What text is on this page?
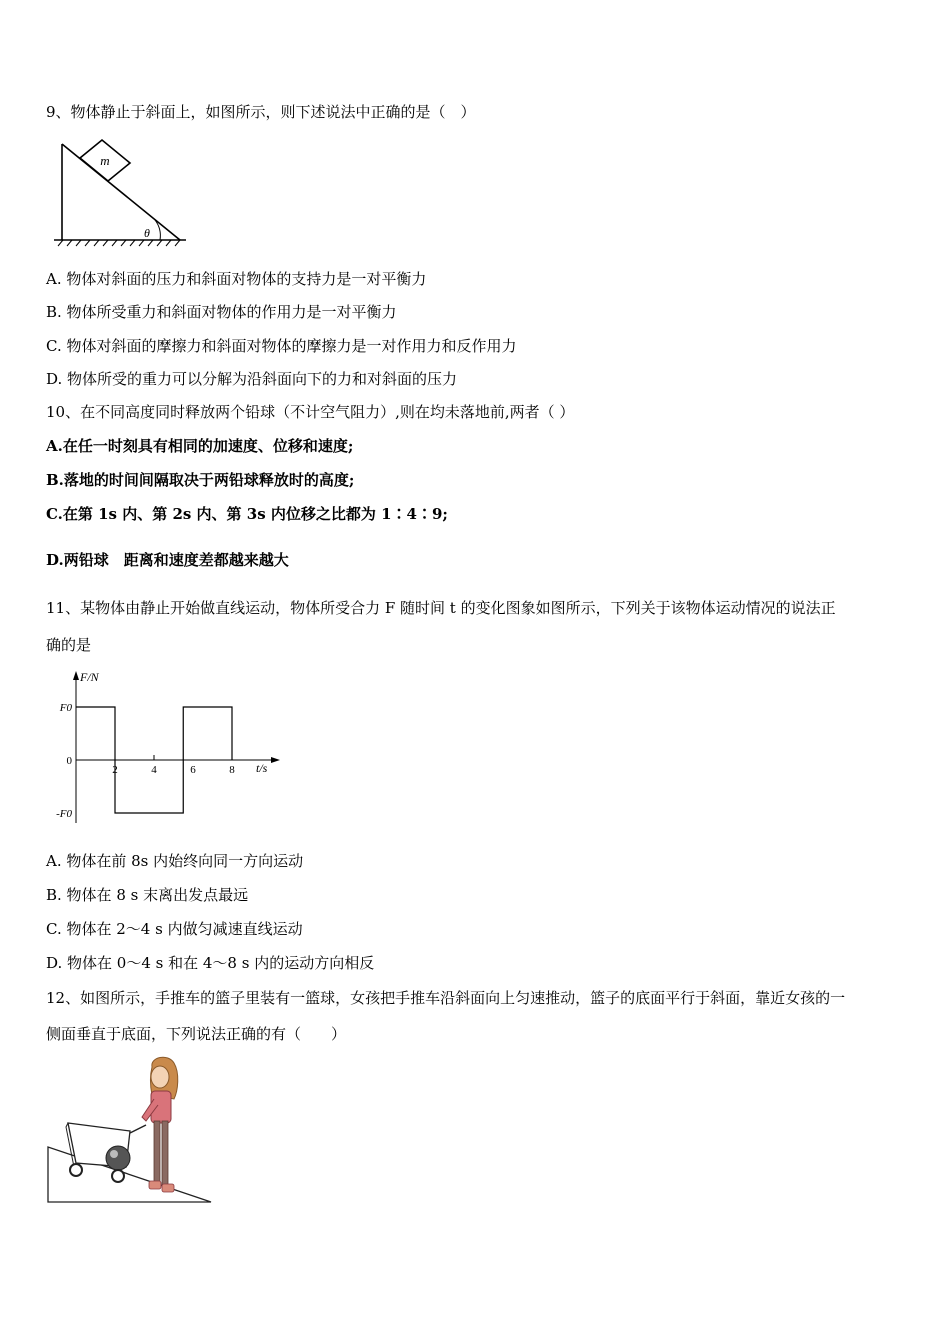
9、物体静止于斜面上，如图所示，则下述说法中正确的是（　）
m
θ
A. 物体对斜面的压力和斜面对物体的支持力是一对平衡力
B. 物体所受重力和斜面对物体的作用力是一对平衡力
C. 物体对斜面的摩擦力和斜面对物体的摩擦力是一对作用力和反作用力
D. 物体所受的重力可以分解为沿斜面向下的力和对斜面的压力
10、在不同高度同时释放两个铅球（不计空气阻力）,则在均未落地前,两者（ ）
A.在任一时刻具有相同的加速度、位移和速度;
B.落地的时间间隔取决于两铅球释放时的高度;
C.在第 1s 内、第 2s 内、第 3s 内位移之比都为 1∶4∶9;
D.两铅球　距离和速度差都越来越大
11、某物体由静止开始做直线运动，物体所受合力 F 随时间 t 的变化图象如图所示，下列关于该物体运动情况的说法正
确的是
F/N
t/s
F0
0
-F0
2	4	6	8
A. 物体在前 8s 内始终向同一方向运动
B. 物体在 8 s 末离出发点最远
C. 物体在 2～4 s 内做匀减速直线运动
D. 物体在 0～4 s 和在 4～8 s 内的运动方向相反
12、如图所示，手推车的篮子里装有一篮球，女孩把手推车沿斜面向上匀速推动，篮子的底面平行于斜面，靠近女孩的一
侧面垂直于底面，下列说法正确的有（　　）
